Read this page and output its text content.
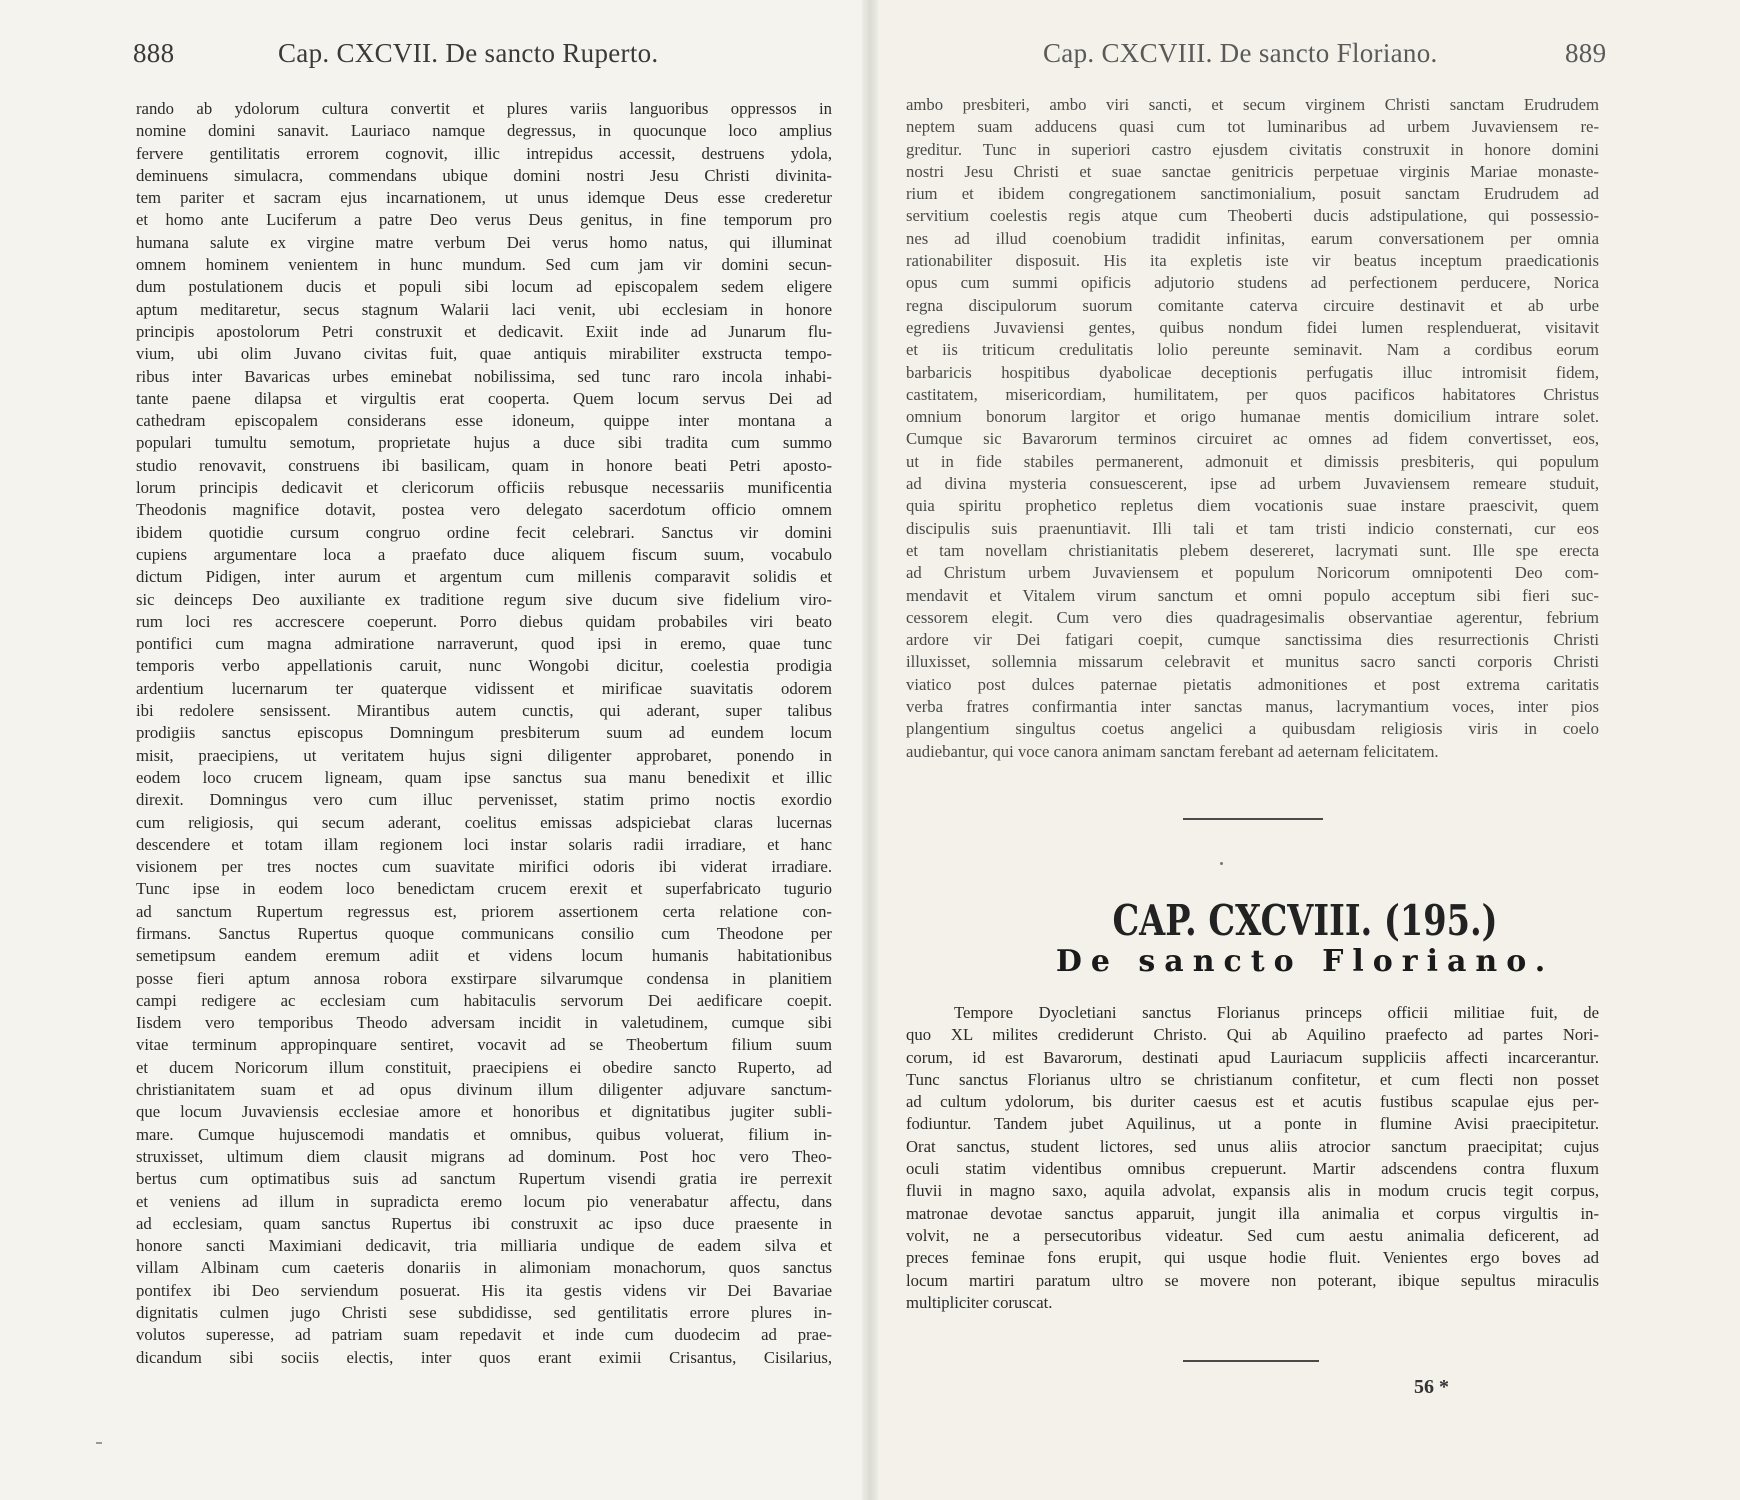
888	Cap. CXCVII. De sancto Ruperto.	Cap. CXCVIII. De sancto Floriano.	889

rando ab ydolorum cultura convertit et plures variis languoribus oppressos in

nomine domini sanavit. Lauriaco namque degressus, in quocunque loco amplius

fervere gentilitatis errorem cognovit, illic intrepidus accessit, destruens ydola,

deminuens simulacra, commendans ubique domini nostri Jesu Christi divinita-

tem pariter et sacram ejus incarnationem, ut unus idemque Deus esse crederetur

et homo ante Luciferum a patre Deo verus Deus genitus, in fine temporum pro

humana salute ex virgine matre verbum Dei verus homo natus, qui illuminat

omnem hominem venientem in hunc mundum. Sed cum jam vir domini secun-

dum postulationem ducis et populi sibi locum ad episcopalem sedem eligere

aptum meditaretur, secus stagnum Walarii laci venit, ubi ecclesiam in honore

principis apostolorum Petri construxit et dedicavit. Exiit inde ad Junarum flu-

vium, ubi olim Juvano civitas fuit, quae antiquis mirabiliter exstructa tempo-

ribus inter Bavaricas urbes eminebat nobilissima, sed tunc raro incola inhabi-

tante paene dilapsa et virgultis erat cooperta. Quem locum servus Dei ad

cathedram episcopalem considerans esse idoneum, quippe inter montana a

populari tumultu semotum, proprietate hujus a duce sibi tradita cum summo

studio renovavit, construens ibi basilicam, quam in honore beati Petri aposto-

lorum principis dedicavit et clericorum officiis rebusque necessariis munificentia

Theodonis magnifice dotavit, postea vero delegato sacerdotum officio omnem

ibidem quotidie cursum congruo ordine fecit celebrari. Sanctus vir domini

cupiens argumentare loca a praefato duce aliquem fiscum suum, vocabulo

dictum Pidigen, inter aurum et argentum cum millenis comparavit solidis et

sic deinceps Deo auxiliante ex traditione regum sive ducum sive fidelium viro-

rum loci res accrescere coeperunt. Porro diebus quidam probabiles viri beato

pontifici cum magna admiratione narraverunt, quod ipsi in eremo, quae tunc

temporis verbo appellationis caruit, nunc Wongobi dicitur, coelestia prodigia

ardentium lucernarum ter quaterque vidissent et mirificae suavitatis odorem

ibi redolere sensissent. Mirantibus autem cunctis, qui aderant, super talibus

prodigiis sanctus episcopus Domningum presbiterum suum ad eundem locum

misit, praecipiens, ut veritatem hujus signi diligenter approbaret, ponendo in

eodem loco crucem ligneam, quam ipse sanctus sua manu benedixit et illic

direxit. Domningus vero cum illuc pervenisset, statim primo noctis exordio

cum religiosis, qui secum aderant, coelitus emissas adspiciebat claras lucernas

descendere et totam illam regionem loci instar solaris radii irradiare, et hanc

visionem per tres noctes cum suavitate mirifici odoris ibi viderat irradiare.

Tunc ipse in eodem loco benedictam crucem erexit et superfabricato tugurio

ad sanctum Rupertum regressus est, priorem assertionem certa relatione con-

firmans. Sanctus Rupertus quoque communicans consilio cum Theodone per

semetipsum eandem eremum adiit et videns locum humanis habitationibus

posse fieri aptum annosa robora exstirpare silvarumque condensa in planitiem

campi redigere ac ecclesiam cum habitaculis servorum Dei aedificare coepit.

Iisdem vero temporibus Theodo adversam incidit in valetudinem, cumque sibi

vitae terminum appropinquare sentiret, vocavit ad se Theobertum filium suum

et ducem Noricorum illum constituit, praecipiens ei obedire sancto Ruperto, ad

christianitatem suam et ad opus divinum illum diligenter adjuvare sanctum-

que locum Juvaviensis ecclesiae amore et honoribus et dignitatibus jugiter subli-

mare. Cumque hujuscemodi mandatis et omnibus, quibus voluerat, filium in-

struxisset, ultimum diem clausit migrans ad dominum. Post hoc vero Theo-

bertus cum optimatibus suis ad sanctum Rupertum visendi gratia ire perrexit

et veniens ad illum in supradicta eremo locum pio venerabatur affectu, dans

ad ecclesiam, quam sanctus Rupertus ibi construxit ac ipso duce praesente in

honore sancti Maximiani dedicavit, tria milliaria undique de eadem silva et

villam Albinam cum caeteris donariis in alimoniam monachorum, quos sanctus

pontifex ibi Deo serviendum posuerat. His ita gestis videns vir Dei Bavariae

dignitatis culmen jugo Christi sese subdidisse, sed gentilitatis errore plures in-

volutos superesse, ad patriam suam repedavit et inde cum duodecim ad prae-

dicandum sibi sociis electis, inter quos erant eximii Crisantus, Cisilarius,

ambo presbiteri, ambo viri sancti, et secum virginem Christi sanctam Erudrudem

neptem suam adducens quasi cum tot luminaribus ad urbem Juvaviensem re-

greditur. Tunc in superiori castro ejusdem civitatis construxit in honore domini

nostri Jesu Christi et suae sanctae genitricis perpetuae virginis Mariae monaste-

rium et ibidem congregationem sanctimonialium, posuit sanctam Erudrudem ad

servitium coelestis regis atque cum Theoberti ducis adstipulatione, qui possessio-

nes ad illud coenobium tradidit infinitas, earum conversationem per omnia

rationabiliter disposuit. His ita expletis iste vir beatus inceptum praedicationis

opus cum summi opificis adjutorio studens ad perfectionem perducere, Norica

regna discipulorum suorum comitante caterva circuire destinavit et ab urbe

egrediens Juvaviensi gentes, quibus nondum fidei lumen resplenduerat, visitavit

et iis triticum credulitatis lolio pereunte seminavit. Nam a cordibus eorum

barbaricis hospitibus dyabolicae deceptionis perfugatis illuc intromisit fidem,

castitatem, misericordiam, humilitatem, per quos pacificos habitatores Christus

omnium bonorum largitor et origo humanae mentis domicilium intrare solet.

Cumque sic Bavarorum terminos circuiret ac omnes ad fidem convertisset, eos,

ut in fide stabiles permanerent, admonuit et dimissis presbiteris, qui populum

ad divina mysteria consuescerent, ipse ad urbem Juvaviensem remeare studuit,

quia spiritu prophetico repletus diem vocationis suae instare praescivit, quem

discipulis suis praenuntiavit. Illi tali et tam tristi indicio consternati, cur eos

et tam novellam christianitatis plebem desereret, lacrymati sunt. Ille spe erecta

ad Christum urbem Juvaviensem et populum Noricorum omnipotenti Deo com-

mendavit et Vitalem virum sanctum et omni populo acceptum sibi fieri suc-

cessorem elegit. Cum vero dies quadragesimalis observantiae agerentur, febrium

ardore vir Dei fatigari coepit, cumque sanctissima dies resurrectionis Christi

illuxisset, sollemnia missarum celebravit et munitus sacro sancti corporis Christi

viatico post dulces paternae pietatis admonitiones et post extrema caritatis

verba fratres confirmantia inter sanctas manus, lacrymantium voces, inter pios

plangentium singultus coetus angelici a quibusdam religiosis viris in coelo

audiebantur, qui voce canora animam sanctam ferebant ad aeternam felicitatem.

CAP. CXCVIII. (195.)
De sancto Floriano.

Tempore Dyocletiani sanctus Florianus princeps officii militiae fuit, de

quo XL milites crediderunt Christo. Qui ab Aquilino praefecto ad partes Nori-

corum, id est Bavarorum, destinati apud Lauriacum suppliciis affecti incarcerantur.

Tunc sanctus Florianus ultro se christianum confitetur, et cum flecti non posset

ad cultum ydolorum, bis duriter caesus est et acutis fustibus scapulae ejus per-

fodiuntur. Tandem jubet Aquilinus, ut a ponte in flumine Avisi praecipitetur.

Orat sanctus, student lictores, sed unus aliis atrocior sanctum praecipitat; cujus

oculi statim videntibus omnibus crepuerunt. Martir adscendens contra fluxum

fluvii in magno saxo, aquila advolat, expansis alis in modum crucis tegit corpus,

matronae devotae sanctus apparuit, jungit illa animalia et corpus virgultis in-

volvit, ne a persecutoribus videatur. Sed cum aestu animalia deficerent, ad

preces feminae fons erupit, qui usque hodie fluit. Venientes ergo boves ad

locum martiri paratum ultro se movere non poterant, ibique sepultus miraculis

multipliciter coruscat.

56 *
